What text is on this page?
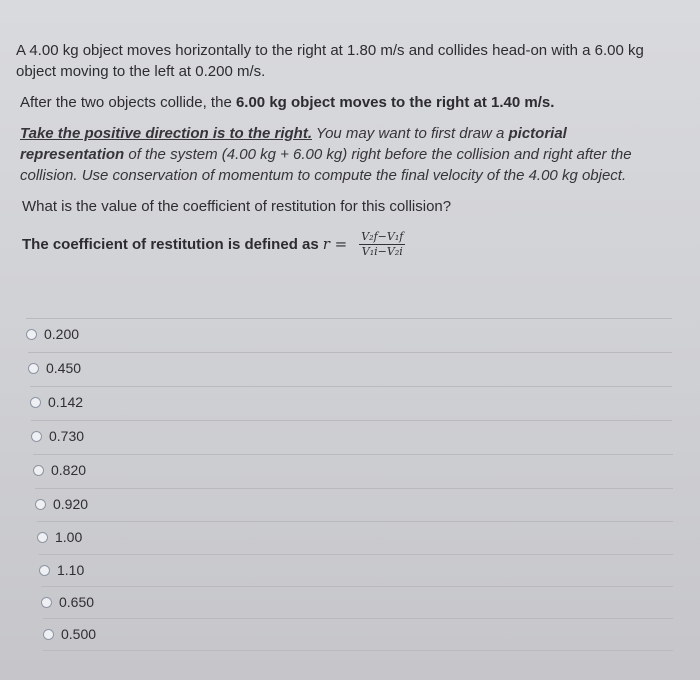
A 4.00 kg object moves horizontally to the right at 1.80 m/s and collides head-on with a 6.00 kg object moving to the left at 0.200 m/s.

After the two objects collide, the 6.00 kg object moves to the right at 1.40 m/s.

Take the positive direction is to the right. You may want to first draw a pictorial representation of the system (4.00 kg + 6.00 kg) right before the collision and right after the collision. Use conservation of momentum to compute the final velocity of the 4.00 kg object.

What is the value of the coefficient of restitution for this collision?

The coefficient of restitution is defined as $r = \frac{\text{V₂f−V₁f}}{\text{V₁i−V₂i}}$
0.200
0.450
0.142
0.730
0.820
0.920
1.00
1.10
0.650
0.500
